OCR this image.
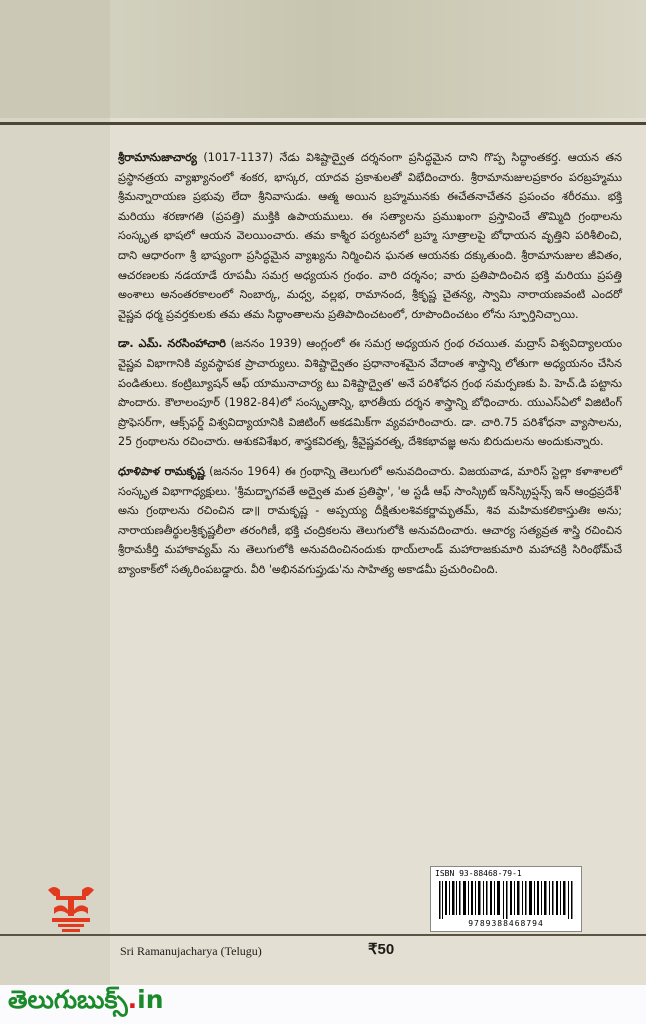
శ్రీరామానుజాచార్య (1017-1137) నేడు విశిష్టాద్వైత దర్శనంగా ప్రసిద్ధమైన దాని గొప్ప సిద్ధాంతకర్త. ఆయన తన ప్రస్థానత్రయ వ్యాఖ్యానంలో శంకర, భాస్కర, యాదవ ప్రకాశులతో విభేదించారు. శ్రీరామానుజులప్రకారం పరబ్రహ్మము శ్రీమన్నారాయణ ప్రభువు లేదా శ్రీనివాసుడు. ఆత్మ అయిన బ్రహ్మమునకు ఈచేతనాచేతన ప్రపంచం శరీరము. భక్తి మరియు శరణాగతి (ప్రపత్తి) ముక్తికి ఉపాయములు. ఈ సత్యాలను ప్రముఖంగా ప్రస్తావించే తొమ్మిది గ్రంథాలను సంస్కృత భాషలో ఆయన వెలయించారు. తమ కాశ్మీర పర్యటనలో బ్రహ్మ సూత్రాలపై బోధాయన వృత్తిని పరిశీలించి, దాని ఆధారంగా శ్రీ భాష్యంగా ప్రసిద్ధమైన వ్యాఖ్యను నిర్మించిన ఘనత ఆయనకు దక్కుతుంది. శ్రీరామానుజుల జీవితం, ఆచరణలకు నడయాడే రూపమీ సమగ్ర అధ్యయన గ్రంథం. వారి దర్శనం; వారు ప్రతిపాదించిన భక్తి మరియు ప్రపత్తి అంశాలు అనంతరకాలంలో నింబార్క, మధ్వ, వల్లభ, రామానంద, శ్రీకృష్ణ చైతన్య, స్వామి నారాయణవంటి ఎందరో వైష్ణవ ధర్మ ప్రవర్తకులకు తమ తమ సిద్ధాంతాలను ప్రతిపాదించటంలో, రూపొందించటం లోను స్ఫూర్తినిచ్చాయి.

డా. ఎమ్. నరసింహాచారి (జననం 1939) ఆంగ్లంలో ఈ సమగ్ర అధ్యయన గ్రంథ రచయిత. మద్రాస్ విశ్వవిద్యాలయం వైష్ణవ విభాగానికి వ్యవస్థాపక ప్రాచార్యులు. విశిష్టాద్వైతం ప్రధానాంశమైన వేదాంత శాస్త్రాన్ని లోతుగా అధ్యయనం చేసిన పండితులు. కంట్రిబ్యూషన్ ఆఫ్ యామునాచార్య టు విశిష్టాద్వైత' అనే పరిశోధన గ్రంథ సమర్పణకు పి. హెచ్.డి పట్టాను పొందారు. కౌలాలంపూర్ (1982-84)లో సంస్కృతాన్ని, భారతీయ దర్శన శాస్త్రాన్ని బోధించారు. యుఎస్ఏలో విజిటింగ్ ప్రొఫెసర్‌గా, ఆక్స్‌ఫర్డ్ విశ్వవిద్యాయానికి విజిటింగ్ అకడమిక్‌గా వ్యవహరించారు. డా. చారి.75 పరిశోధనా వ్యాసాలను, 25 గ్రంథాలను రచించారు. ఆశుకవిశేఖర, శాస్త్రకవిరత్న, శ్రీవైష్ణవరత్న, దేశికభావజ్ఞ అను బిరుదులను అందుకున్నారు.

ధూళిపాళ రామకృష్ణ (జననం 1964) ఈ గ్రంథాన్ని తెలుగులో అనువదించారు. విజయవాడ, మారిస్ స్టెల్లా కళాశాలలో సంస్కృత విభాగాధ్యక్షులు. 'శ్రీమద్భాగవతే అద్వైత మత ప్రతిష్ఠా', 'అ స్టడీ ఆఫ్ సాంస్క్రిట్ ఇన్‌స్క్రిప్షన్స్ ఇన్ ఆంధ్రప్రదేశ్' అను గ్రంథాలను రచించిన డా॥ రామకృష్ణ - అప్పయ్య దీక్షితులశివకర్ణామృతమ్, శివ మహిమకలికాస్తుతిః అను; నారాయణతీర్థులశ్రీకృష్ణలీలా తరంగిణీ, భక్తి చంద్రికలను తెలుగులోకి అనువదించారు. ఆచార్య సత్యవ్రత శాస్త్రి రచించిన శ్రీరామకీర్తి మహాకావ్యమ్ ను తెలుగులోకి అనువదించినందుకు థాయ్‌లాండ్ మహారాజకుమారి మహాచక్రి సిరింథోమ్‌చే బ్యాంకాక్‌లో సత్కరింపబడ్డారు. వీరి 'అభినవగుప్తుడు'ను సాహిత్య అకాడమీ ప్రచురించింది.

ISBN 93-88468-79-1
9789388468794
Sri Ramanujacharya (Telugu)	₹50
తెలుగుబుక్స్.in
